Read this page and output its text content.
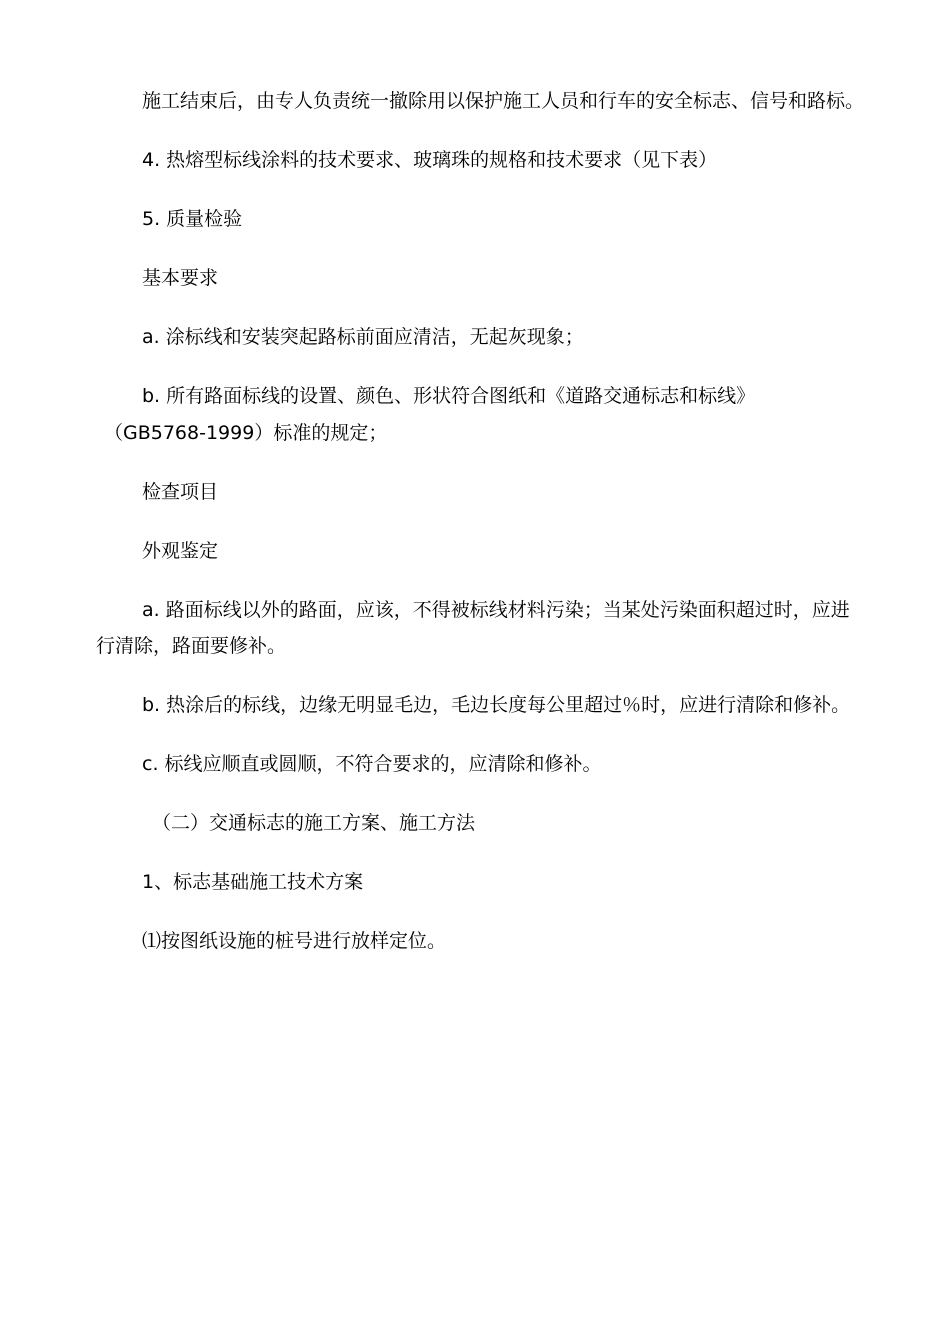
施工结束后，由专人负责统一撤除用以保护施工人员和行车的安全标志、信号和路标。
4. 热熔型标线涂料的技术要求、玻璃珠的规格和技术要求（见下表）
5. 质量检验
基本要求
a. 涂标线和安装突起路标前面应清洁，无起灰现象；
b. 所有路面标线的设置、颜色、形状符合图纸和《道路交通标志和标线》
（GB5768-1999）标准的规定；
检查项目
外观鉴定
a. 路面标线以外的路面，应该，不得被标线材料污染；当某处污染面积超过时，应进
行清除，路面要修补。
b. 热涂后的标线，边缘无明显毛边，毛边长度每公里超过％时，应进行清除和修补。
c. 标线应顺直或圆顺，不符合要求的，应清除和修补。
（二）交通标志的施工方案、施工方法
1、标志基础施工技术方案
⑴按图纸设施的桩号进行放样定位。
